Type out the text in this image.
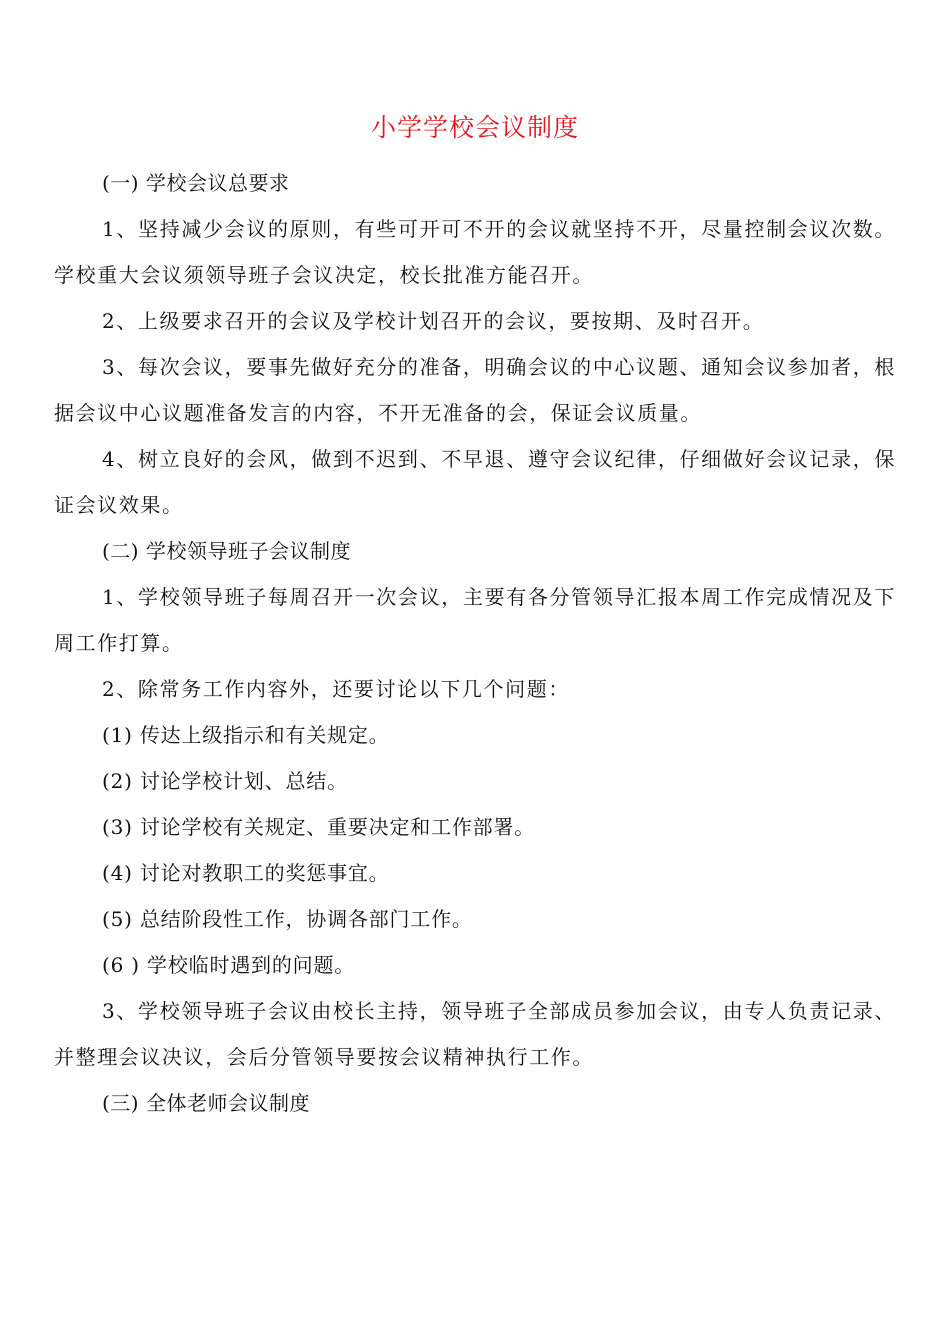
小学学校会议制度

(一) 学校会议总要求

1、坚持减少会议的原则，有些可开可不开的会议就坚持不开，尽量控制会议次数。学校重大会议须领导班子会议决定，校长批准方能召开。

2、上级要求召开的会议及学校计划召开的会议，要按期、及时召开。

3、每次会议，要事先做好充分的准备，明确会议的中心议题、通知会议参加者，根据会议中心议题准备发言的内容，不开无准备的会，保证会议质量。

4、树立良好的会风，做到不迟到、不早退、遵守会议纪律，仔细做好会议记录，保证会议效果。

(二) 学校领导班子会议制度

1、学校领导班子每周召开一次会议，主要有各分管领导汇报本周工作完成情况及下周工作打算。

2、除常务工作内容外，还要讨论以下几个问题：

(1) 传达上级指示和有关规定。

(2) 讨论学校计划、总结。

(3) 讨论学校有关规定、重要决定和工作部署。

(4) 讨论对教职工的奖惩事宜。

(5) 总结阶段性工作，协调各部门工作。

(6 ) 学校临时遇到的问题。

3、学校领导班子会议由校长主持，领导班子全部成员参加会议，由专人负责记录、并整理会议决议，会后分管领导要按会议精神执行工作。

(三) 全体老师会议制度
